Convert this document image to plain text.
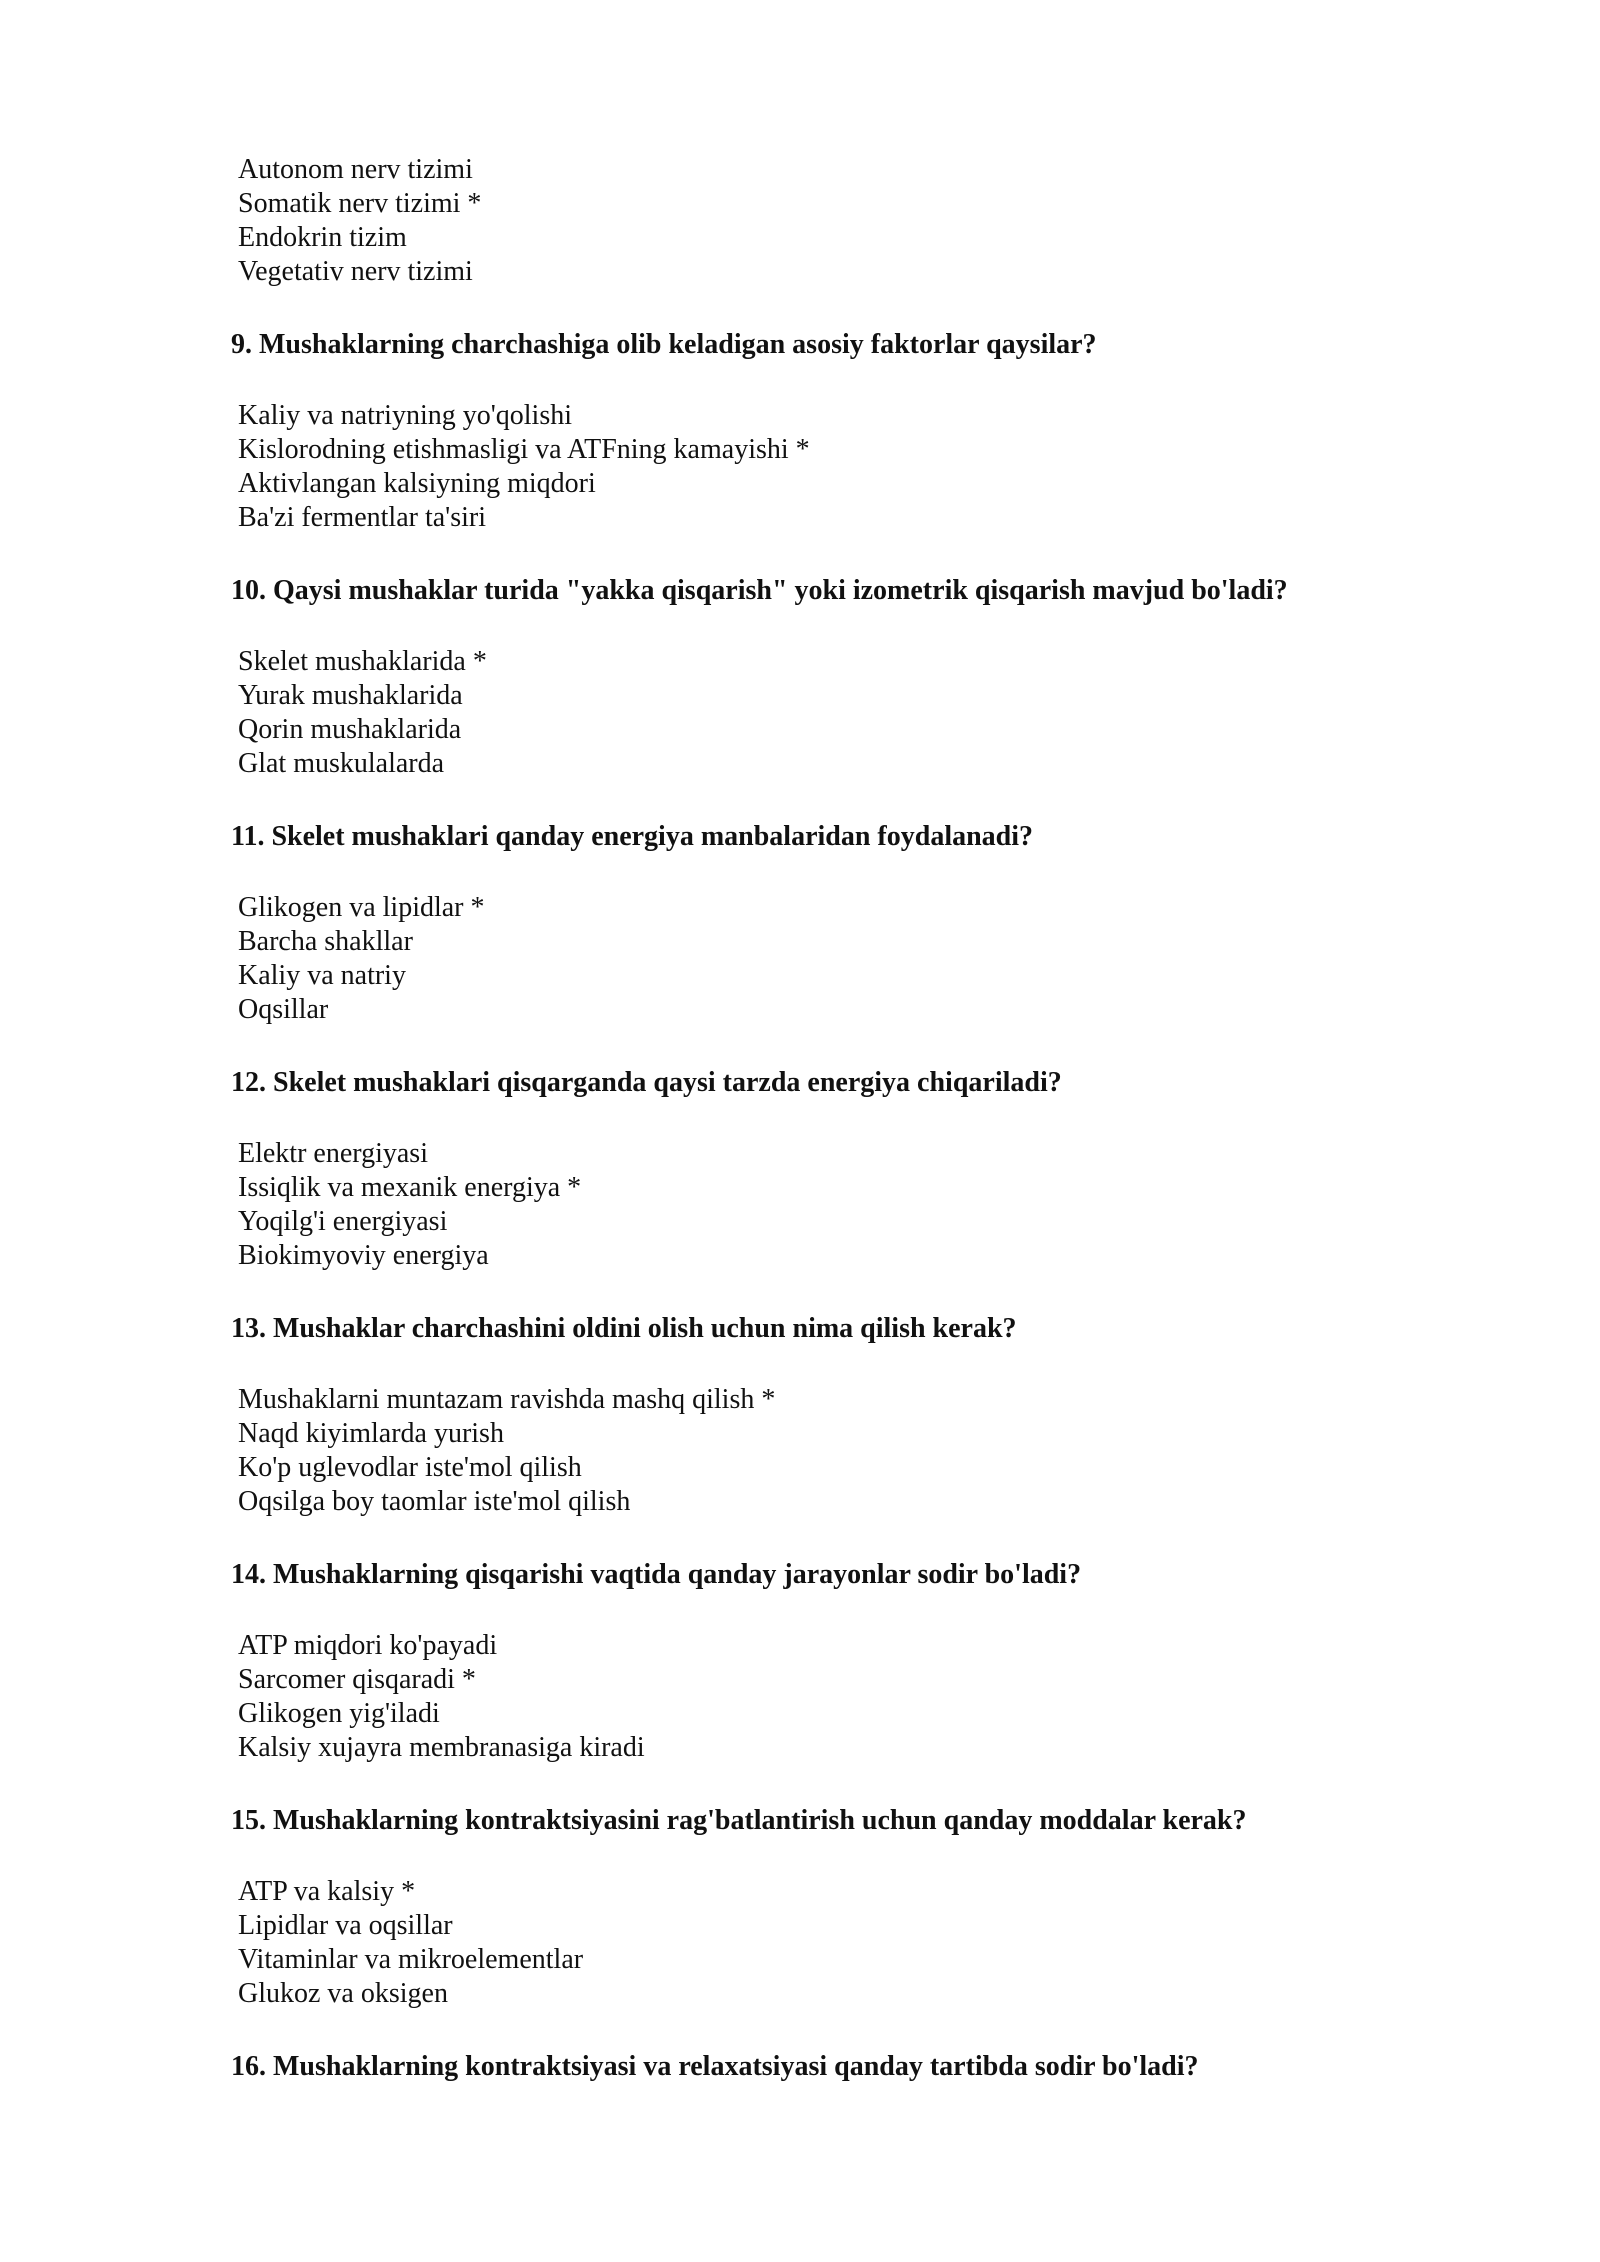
Autonom nerv tizimi
Somatik nerv tizimi *
Endokrin tizim
Vegetativ nerv tizimi
9. Mushaklarning charchashiga olib keladigan asosiy faktorlar qaysilar?
Kaliy va natriyning yo'qolishi
Kislorodning etishmasligi va ATFning kamayishi *
Aktivlangan kalsiyning miqdori
Ba'zi fermentlar ta'siri
10. Qaysi mushaklar turida "yakka qisqarish" yoki izometrik qisqarish mavjud bo'ladi?
Skelet mushaklarida *
Yurak mushaklarida
Qorin mushaklarida
Glat muskulalarda
11. Skelet mushaklari qanday energiya manbalaridan foydalanadi?
Glikogen va lipidlar *
Barcha shakllar
Kaliy va natriy
Oqsillar
12. Skelet mushaklari qisqarganda qaysi tarzda energiya chiqariladi?
Elektr energiyasi
Issiqlik va mexanik energiya *
Yoqilg'i energiyasi
Biokimyoviy energiya
13. Mushaklar charchashini oldini olish uchun nima qilish kerak?
Mushaklarni muntazam ravishda mashq qilish *
Naqd kiyimlarda yurish
Ko'p uglevodlar iste'mol qilish
Oqsilga boy taomlar iste'mol qilish
14. Mushaklarning qisqarishi vaqtida qanday jarayonlar sodir bo'ladi?
ATP miqdori ko'payadi
Sarcomer qisqaradi *
Glikogen yig'iladi
Kalsiy xujayra membranasiga kiradi
15. Mushaklarning kontraktsiyasini rag'batlantirish uchun qanday moddalar kerak?
ATP va kalsiy *
Lipidlar va oqsillar
Vitaminlar va mikroelementlar
Glukoz va oksigen
16. Mushaklarning kontraktsiyasi va relaxatsiyasi qanday tartibda sodir bo'ladi?
